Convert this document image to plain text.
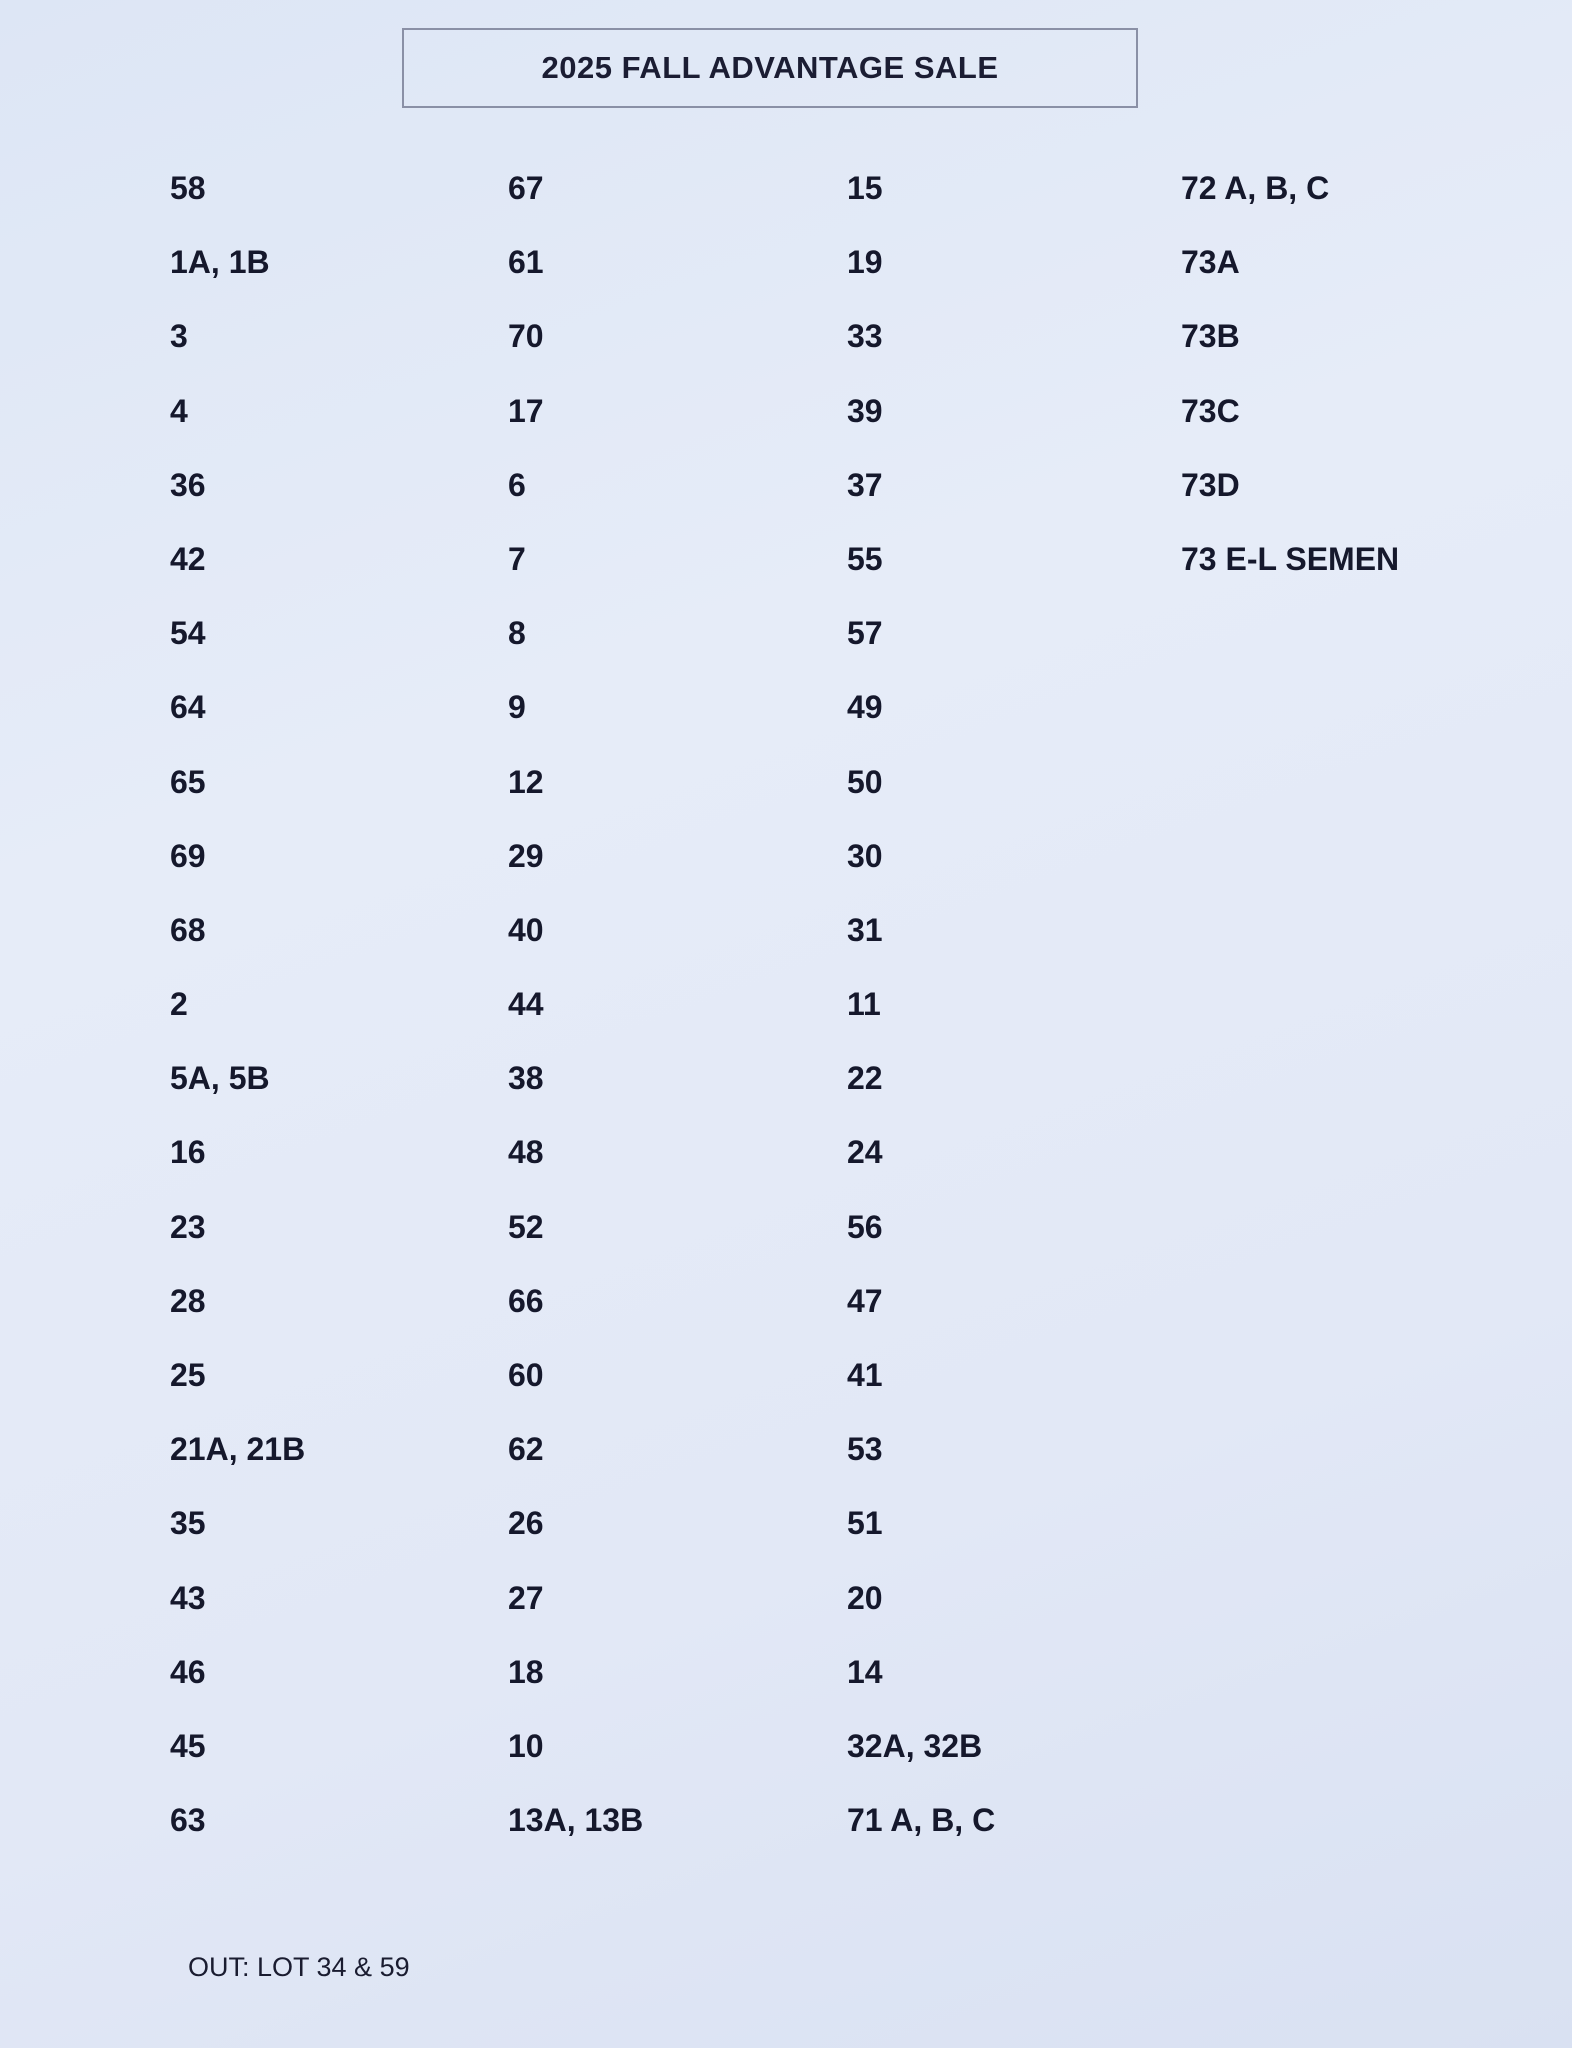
2025 FALL ADVANTAGE SALE
58
1A, 1B
3
4
36
42
54
64
65
69
68
2
5A, 5B
16
23
28
25
21A, 21B
35
43
46
45
63
67
61
70
17
6
7
8
9
12
29
40
44
38
48
52
66
60
62
26
27
18
10
13A, 13B
15
19
33
39
37
55
57
49
50
30
31
11
22
24
56
47
41
53
51
20
14
32A, 32B
71 A, B, C
72 A, B, C
73A
73B
73C
73D
73 E-L SEMEN
OUT: LOT 34 & 59
